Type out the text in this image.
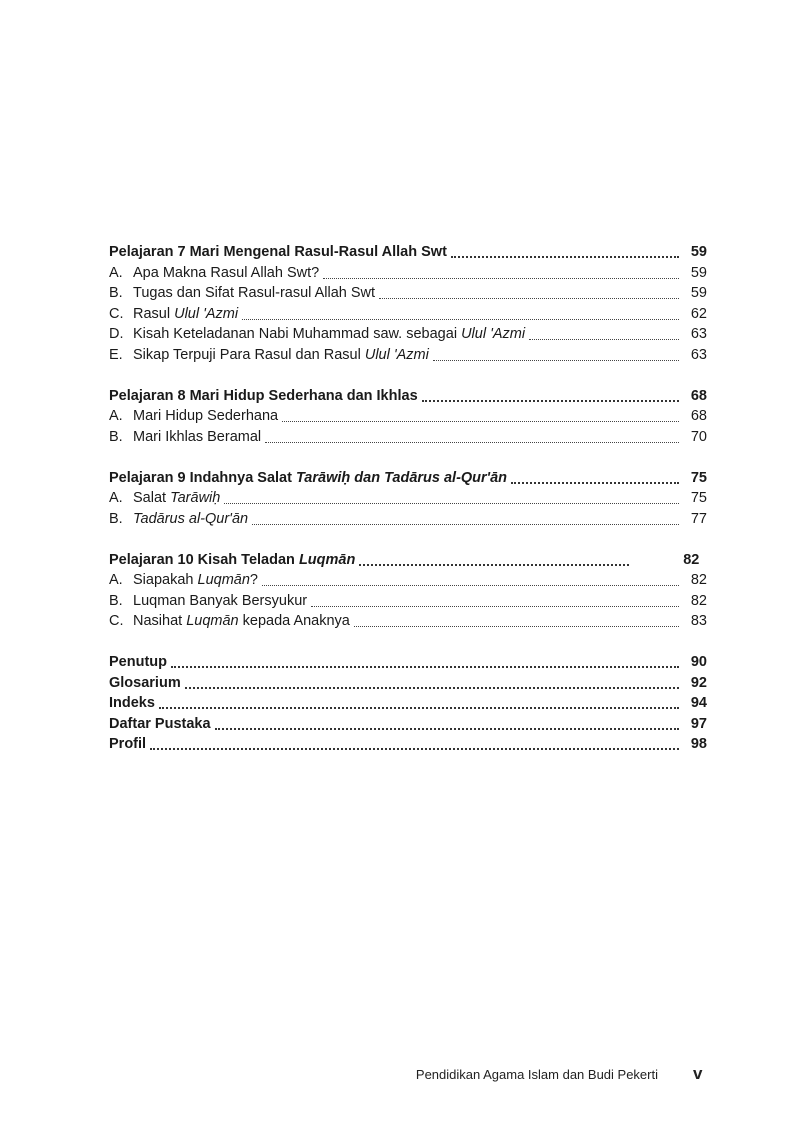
Pelajaran 7 Mari Mengenal Rasul-Rasul Allah Swt	59
A. Apa Makna Rasul Allah Swt?	59
B. Tugas dan Sifat Rasul-rasul Allah Swt	59
C. Rasul Ulul 'Azmi	62
D. Kisah Keteladanan Nabi Muhammad saw. sebagai Ulul 'Azmi	63
E. Sikap Terpuji Para Rasul dan Rasul Ulul 'Azmi	63
Pelajaran 8 Mari Hidup Sederhana dan Ikhlas	68
A. Mari Hidup Sederhana	68
B. Mari Ikhlas Beramal	70
Pelajaran 9 Indahnya Salat Tarāwiḥ dan Tadārus al-Qur'ān	75
A. Salat Tarāwiḥ	75
B. Tadārus al-Qur'ān	77
Pelajaran 10 Kisah Teladan Luqmān	82
A. Siapakah Luqmān?	82
B. Luqman Banyak Bersyukur	82
C. Nasihat Luqmān kepada Anaknya	83
Penutup	90
Glosarium	92
Indeks	94
Daftar Pustaka	97
Profil	98
Pendidikan Agama Islam dan Budi Pekerti v
